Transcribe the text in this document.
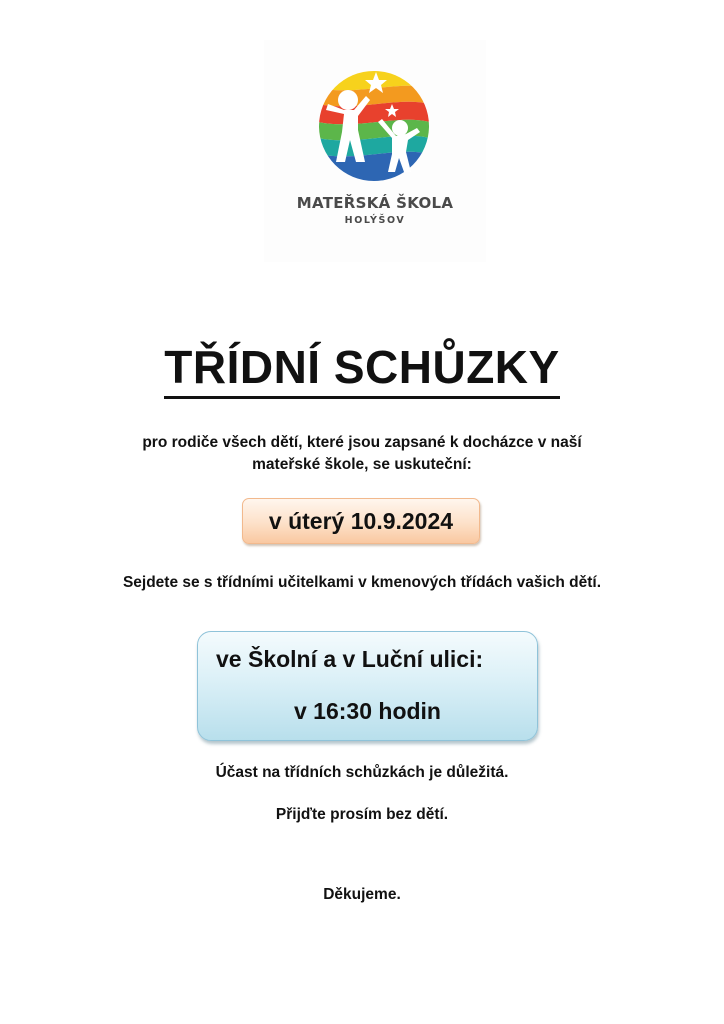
MATEŘSKÁ ŠKOLA
HOLÝŠOV
TŘÍDNÍ SCHŮZKY
pro rodiče všech dětí, které jsou zapsané k docházce v naší
mateřské škole, se uskuteční:
v úterý 10.9.2024
Sejdete se s třídními učitelkami v kmenových třídách vašich dětí.
ve Školní a v Luční ulici:
v 16:30 hodin
Účast na třídních schůzkách je důležitá.
Přijďte prosím bez dětí.
Děkujeme.
